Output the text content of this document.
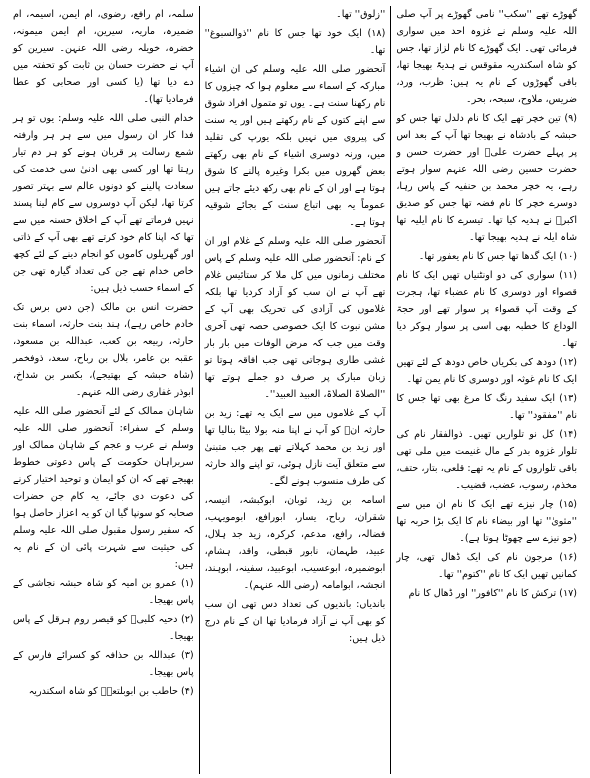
گھوڑے تھے ''سکب'' نامی گھوڑے پر آپ صلی اللہ علیہ وسلم نے غزوہ احد میں سواری فرمائی تھی۔ ایک گھوڑے کا نام لزاز تھا، جس کو شاہ اسکندریہ مقوقس نے ہدیۃً بھیجا تھا، باقی گھوڑوں کے نام یہ ہیں: ظرب، ورد، ضریس، ملاوح، سبحہ، بحر۔

(۹) تین خچر تھے ایک کا نام دلدل تھا جس کو حبشہ کے بادشاہ نے بھیجا تھا آپ کے بعد اس پر پہلے حضرت علیؓ اور حضرت حسن و حضرت حسین رضی اللہ عنہم سوار ہوتے رہے، یہ خچر محمد بن حنفیہ کے پاس رہا، دوسرے خچر کا نام فضہ تھا جس کو صدیق اکبرؓ نے ہدیہ کیا تھا۔ تیسرے کا نام ایلیہ تھا شاہ ایلہ نے ہدیہ بھیجا تھا۔

(۱۰) ایک گدھا تھا جس کا نام یعفور تھا۔

(۱۱) سواری کی دو اونٹنیاں تھیں ایک کا نام قصواء اور دوسری کا نام عضباء تھا، ہجرت کے وقت آپ قصواء پر سوار تھے اور حجۃ الوداع کا خطبہ بھی اسی پر سوار ہوکر دیا تھا۔

(۱۲) دودھ کی بکریاں خاص دودھ کے لئے تھیں ایک کا نام غوثہ اور دوسری کا نام یمن تھا۔

(۱۳) ایک سفید رنگ کا مرغ بھی تھا جس کا نام ''مفقود'' تھا۔

(۱۴) کل نو تلواریں تھیں۔ ذوالفقار نام کی تلوار غزوہ بدر کے مال غنیمت میں ملی تھی باقی تلواروں کے نام یہ تھے: قلعی، بتار، حتف، مخذم، رسوب، عضب، قضیب۔

(۱۵) چار نیزے تھے ایک کا نام ان میں سے ''مثویٰ'' تھا اور بیضاء نام کا ایک بڑا حربہ تھا (جو نیزے سے چھوٹا ہوتا ہے)۔

(۱۶) مرجون نام کی ایک ڈھال تھی، چار کمانیں تھیں ایک کا نام ''کتوم'' تھا۔

(۱۷) ترکش کا نام ''کافور'' اور ڈھال کا نام

''زلوق'' تھا۔

(۱۸) ایک خود تھا جس کا نام ''ذوالسبوغ'' تھا۔

آنحضور صلی اللہ علیہ وسلم کی ان اشیاء مبارکہ کے اسماء سے معلوم ہوا کہ چیزوں کا نام رکھنا سنت ہے۔ یوں تو متمول افراد شوق سے اپنے کتوں کے نام رکھتے ہیں اور یہ سنت کی پیروی میں نہیں بلکہ یورپ کی تقلید میں، ورنہ دوسری اشیاء کے نام بھی رکھتے بعض گھروں میں بکرا وغیرہ پالنے کا شوق ہوتا ہے اور ان کے نام بھی رکھ دیئے جاتے ہیں عموماً یہ بھی اتباع سنت کے بجائے شوقیہ ہوتا ہے۔

آنحضور صلی اللہ علیہ وسلم کے غلام اور ان کے نام: آنحضور صلی اللہ علیہ وسلم کے پاس مختلف زمانوں میں کل ملا کر ستائیس غلام تھے آپ نے ان سب کو آزاد کردیا تھا بلکہ غلاموں کی آزادی کی تحریک بھی آپ کے مشن نبوت کا ایک خصوصی حصہ تھی آخری وقت میں جب کہ مرض الوفات میں بار بار غشی طاری ہوجاتی تھی جب افاقہ ہوتا تو زبان مبارک پر صرف دو جملے ہوتے تھا ''الصلاۃ الصلاۃ، العبید العبید''۔

آپ کے غلاموں میں سے ایک یہ تھے: زید بن حارثہ انؓ کو آپ نے اپنا منہ بولا بیٹا بنالیا تھا اور زید بن محمد کہلاتے تھے پھر جب متبنیٰ سے متعلق آیت نازل ہوئی، تو اپنے والد حارثہ کی طرف منسوب ہونے لگے۔

اسامہ بن زید، ثوبان، ابوکبشہ، انیسہ، شقران، رباح، یسار، ابورافع، ابومویہب، فضالہ، رافع، مدعم، کرکرہ، زید جد ہلال، عبید، طہمان، نابور قبطی، واقد، ہشام، ابوضمیرہ، ابوعسیب، ابوعبید، سفینہ، ابوہند، انجشہ، ابوامامہ (رضی اللہ عنہم)۔

باندیاں: باندیوں کی تعداد دس تھی ان سب کو بھی آپ نے آزاد فرمادیا تھا ان کے نام درج ذیل ہیں:

سلمہ، ام رافع، رضوی، ام ایمن، اسیمہ، ام ضمیرہ، ماریہ، سیرین، ام ایمن میمونہ، خضرہ، خویلہ رضی اللہ عنہن۔ سیرین کو آپ نے حضرت حسان بن ثابت کو تحفتہ میں دے دیا تھا (یا کسی اور صحابی کو عطا فرمادیا تھا)۔

خدام النبی صلی اللہ علیہ وسلم: یوں تو ہر فدا کار ان رسول میں سے ہر ہر وارفتہ شمع رسالت پر قربان ہونے کو ہر دم تیار رہتا تھا اور کسی بھی ادنیٰ سی خدمت کی سعادت پالینے کو دونوں عالم سے بہتر تصور کرتا تھا، لیکن آپ دوسروں سے کام لینا پسند نہیں فرماتے تھے آپ کے اخلاق حسنہ میں سے تھا کہ اپنا کام خود کرتے تھے بھی آپ کے ذاتی اور گھریلوں کاموں کو انجام دینے کے لئے کچھ خاص خدام تھے جن کی تعداد گیارہ تھی جن کے اسماء حسب ذیل ہیں:

حضرت انس بن مالک (جن دس برس تک خادم خاص رہے)، ہند بنت حارثہ، اسماء بنت حارثہ، ربیعہ بن کعب، عبداللہ بن مسعود، عقبہ بن عامر، بلال بن رباح، سعد، ذوفخمر (شاہ حبشہ کے بھتیجے)، بکسر بن شداخ، ابوذر غفاری رضی اللہ عنہم۔

شاہان ممالک کے لئے آنحضور صلی اللہ علیہ وسلم کے سفراء: آنحضور صلی اللہ علیہ وسلم نے عرب و عجم کے شاہان ممالک اور سربراہان حکومت کے پاس دعوتی خطوط بھیجے تھے کہ ان کو ایمان و توحید اختیار کرنے کی دعوت دی جائے، یہ کام جن حضرات صحابہ کو سونپا گیا ان کو یہ اعزاز حاصل ہوا کہ سفیر رسول مقبول صلی اللہ علیہ وسلم کی حیثیت سے شہرت پائی ان کے نام یہ ہیں:

(۱) عمرو بن امیہ کو شاہ حبشہ نجاشی کے پاس بھیجا۔

(۲) دحیہ کلبیؓ کو قیصر روم ہرقل کے پاس بھیجا۔

(۳) عبداللہ بن حذافہ کو کسرائے فارس کے پاس بھیجا۔

(۴) حاطب بن ابوبلتعہؓ کو شاہ اسکندریہ
